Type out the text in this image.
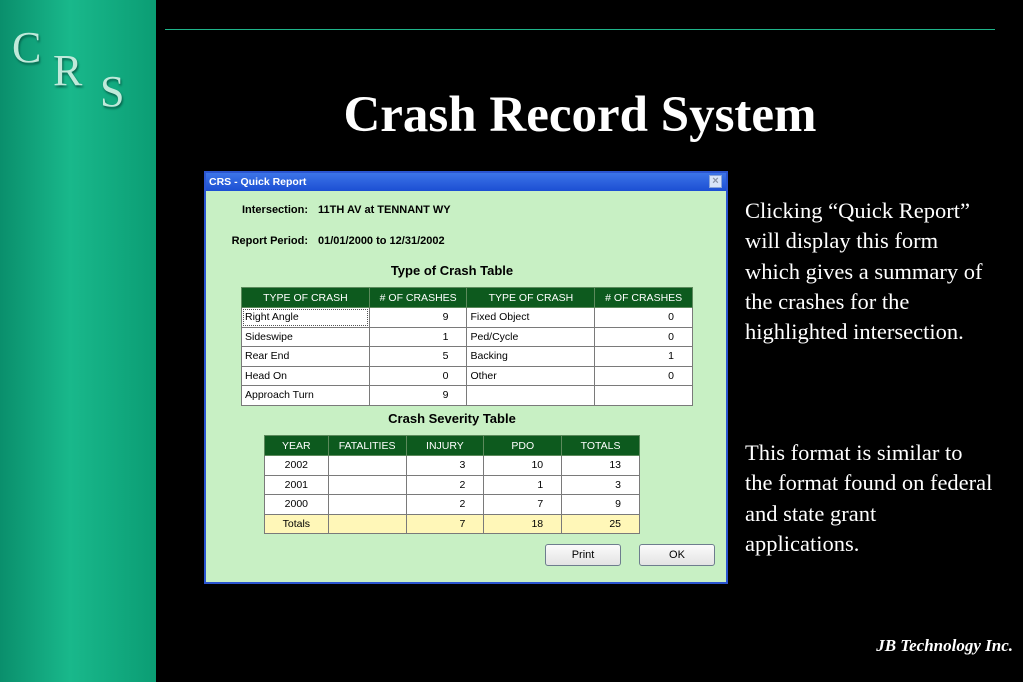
C R S	Crash Record System
Clicking “Quick Report” will display this form which gives a summary of the crashes for the highlighted intersection.
This format is similar to the format found on federal and state grant applications.
JB Technology Inc.
CRS - Quick Report	×
Intersection: 11TH AV at TENNANT WY
Report Period: 01/01/2000 to 12/31/2002
Type of Crash Table
TYPE OF CRASH	# OF CRASHES	TYPE OF CRASH	# OF CRASHES
Right Angle	9	Fixed Object	0
Sideswipe	1	Ped/Cycle	0
Rear End	5	Backing	1
Head On	0	Other	0
Approach Turn	9		
Crash Severity Table
YEAR	FATALITIES	INJURY	PDO	TOTALS
2002		3	10	13
2001		2	1	3
2000		2	7	9
Totals		7	18	25
Print	OK
